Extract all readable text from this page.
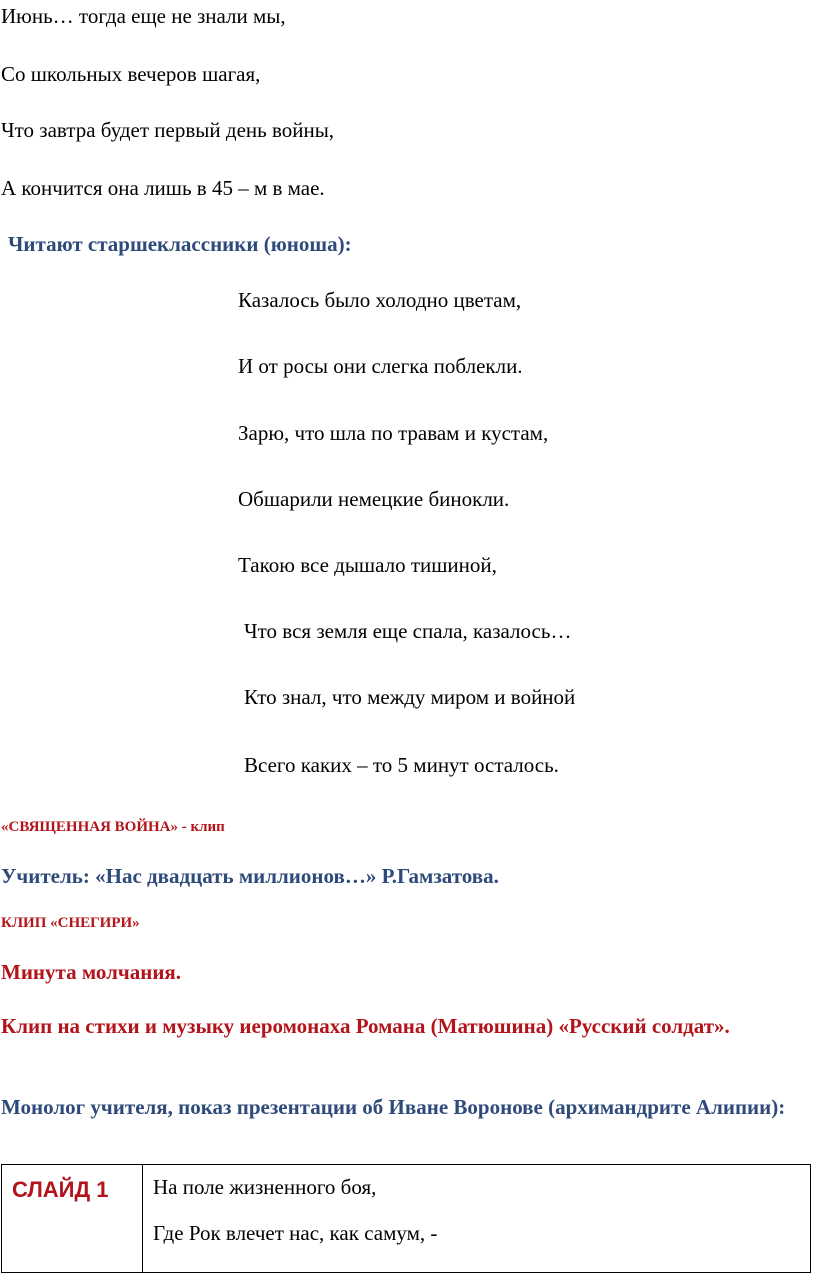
Июнь… тогда еще не знали мы,
Со школьных вечеров шагая,
Что завтра будет первый день войны,
А кончится она лишь в 45 – м в мае.
Читают старшеклассники (юноша):
Казалось было холодно цветам,
И от росы они слегка поблекли.
Зарю, что шла по травам и кустам,
Обшарили немецкие бинокли.
Такою все дышало тишиной,
Что вся земля еще спала, казалось…
Кто знал, что между миром и войной
Всего каких – то 5 минут осталось.
«СВЯЩЕННАЯ ВОЙНА» - клип
Учитель: «Нас двадцать миллионов…» Р.Гамзатова.
КЛИП «СНЕГИРИ»
Минута молчания.
Клип на стихи и музыку иеромонаха Романа (Матюшина) «Русский солдат».
Монолог учителя, показ презентации об Иване Воронове (архимандрите Алипии):
СЛАЙД 1	На поле жизненного боя,
Где Рок влечет нас, как самум, -
